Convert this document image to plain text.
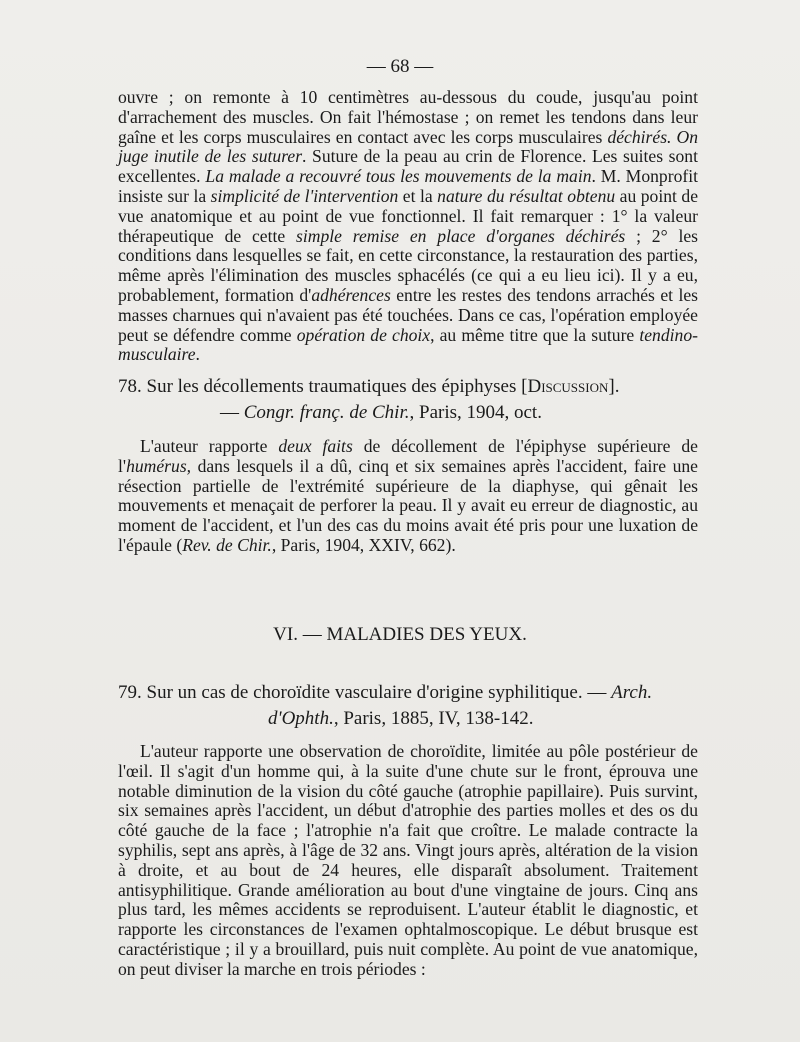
— 68 —

ouvre ; on remonte à 10 centimètres au-dessous du coude, jusqu'au point d'arrachement des muscles. On fait l'hémostase ; on remet les tendons dans leur gaîne et les corps musculaires en contact avec les corps musculaires déchirés. On juge inutile de les suturer. Suture de la peau au crin de Florence. Les suites sont excellentes. La malade a recouvré tous les mouvements de la main. M. Monprofit insiste sur la simplicité de l'intervention et la nature du résultat obtenu au point de vue anatomique et au point de vue fonctionnel. Il fait remarquer : 1° la valeur thérapeutique de cette simple remise en place d'organes déchirés ; 2° les conditions dans lesquelles se fait, en cette circonstance, la restauration des parties, même après l'élimination des muscles sphacélés (ce qui a eu lieu ici). Il y a eu, probablement, formation d'adhérences entre les restes des tendons arrachés et les masses charnues qui n'avaient pas été touchées. Dans ce cas, l'opération employée peut se défendre comme opération de choix, au même titre que la suture tendino-musculaire.

78. Sur les décollements traumatiques des épiphyses [Discussion].
— Congr. franç. de Chir., Paris, 1904, oct.

L'auteur rapporte deux faits de décollement de l'épiphyse supérieure de l'humérus, dans lesquels il a dû, cinq et six semaines après l'accident, faire une résection partielle de l'extrémité supérieure de la diaphyse, qui gênait les mouvements et menaçait de perforer la peau. Il y avait eu erreur de diagnostic, au moment de l'accident, et l'un des cas du moins avait été pris pour une luxation de l'épaule (Rev. de Chir., Paris, 1904, XXIV, 662).

VI. — MALADIES DES YEUX.
79. Sur un cas de choroïdite vasculaire d'origine syphilitique. — Arch.
d'Ophth., Paris, 1885, IV, 138-142.

L'auteur rapporte une observation de choroïdite, limitée au pôle postérieur de l'œil. Il s'agit d'un homme qui, à la suite d'une chute sur le front, éprouva une notable diminution de la vision du côté gauche (atrophie papillaire). Puis survint, six semaines après l'accident, un début d'atrophie des parties molles et des os du côté gauche de la face ; l'atrophie n'a fait que croître. Le malade contracte la syphilis, sept ans après, à l'âge de 32 ans. Vingt jours après, altération de la vision à droite, et au bout de 24 heures, elle disparaît absolument. Traitement antisyphilitique. Grande amélioration au bout d'une vingtaine de jours. Cinq ans plus tard, les mêmes accidents se reproduisent. L'auteur établit le diagnostic, et rapporte les circonstances de l'examen ophtalmoscopique. Le début brusque est caractéristique ; il y a brouillard, puis nuit complète. Au point de vue anatomique, on peut diviser la marche en trois périodes :
